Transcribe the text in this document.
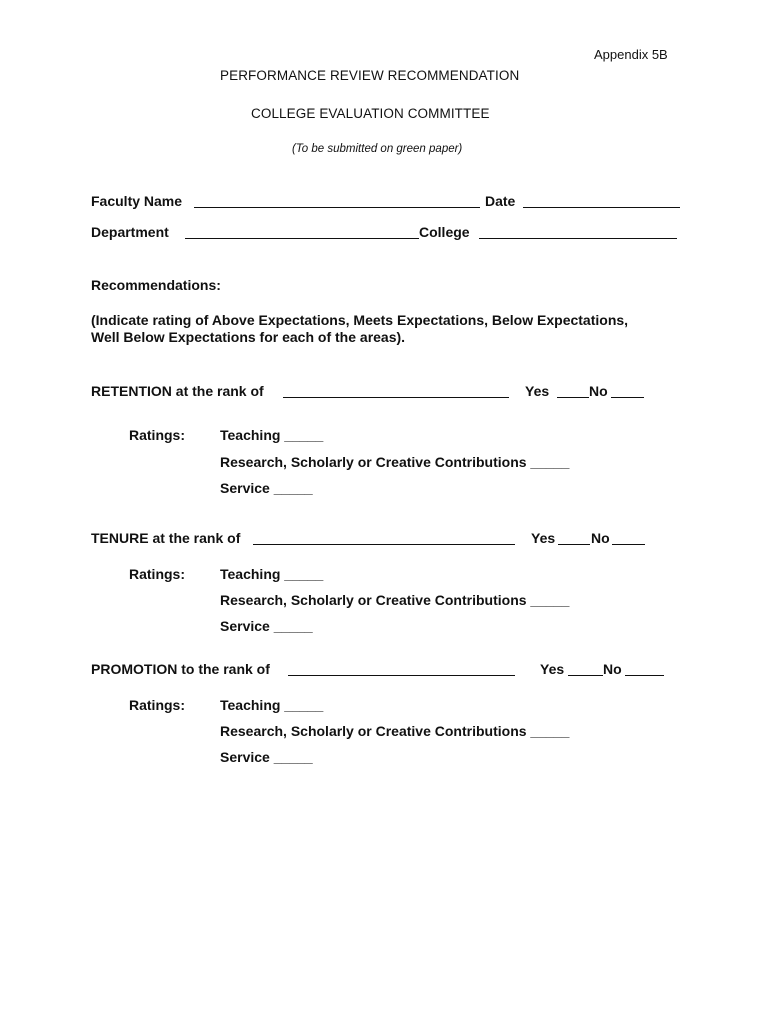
Appendix 5B
PERFORMANCE REVIEW RECOMMENDATION
COLLEGE EVALUATION COMMITTEE
(To be submitted on green paper)
Faculty Name	Date
Department	College
Recommendations:
(Indicate rating of Above Expectations, Meets Expectations, Below Expectations,
Well Below Expectations for each of the areas).
RETENTION at the rank of	Yes	No
Ratings:	Teaching _____
Research, Scholarly or Creative Contributions _____
Service _____
TENURE at the rank of	Yes	No
Ratings:	Teaching _____
Research, Scholarly or Creative Contributions _____
Service _____
PROMOTION to the rank of	Yes	No
Ratings:	Teaching _____
Research, Scholarly or Creative Contributions _____
Service _____
